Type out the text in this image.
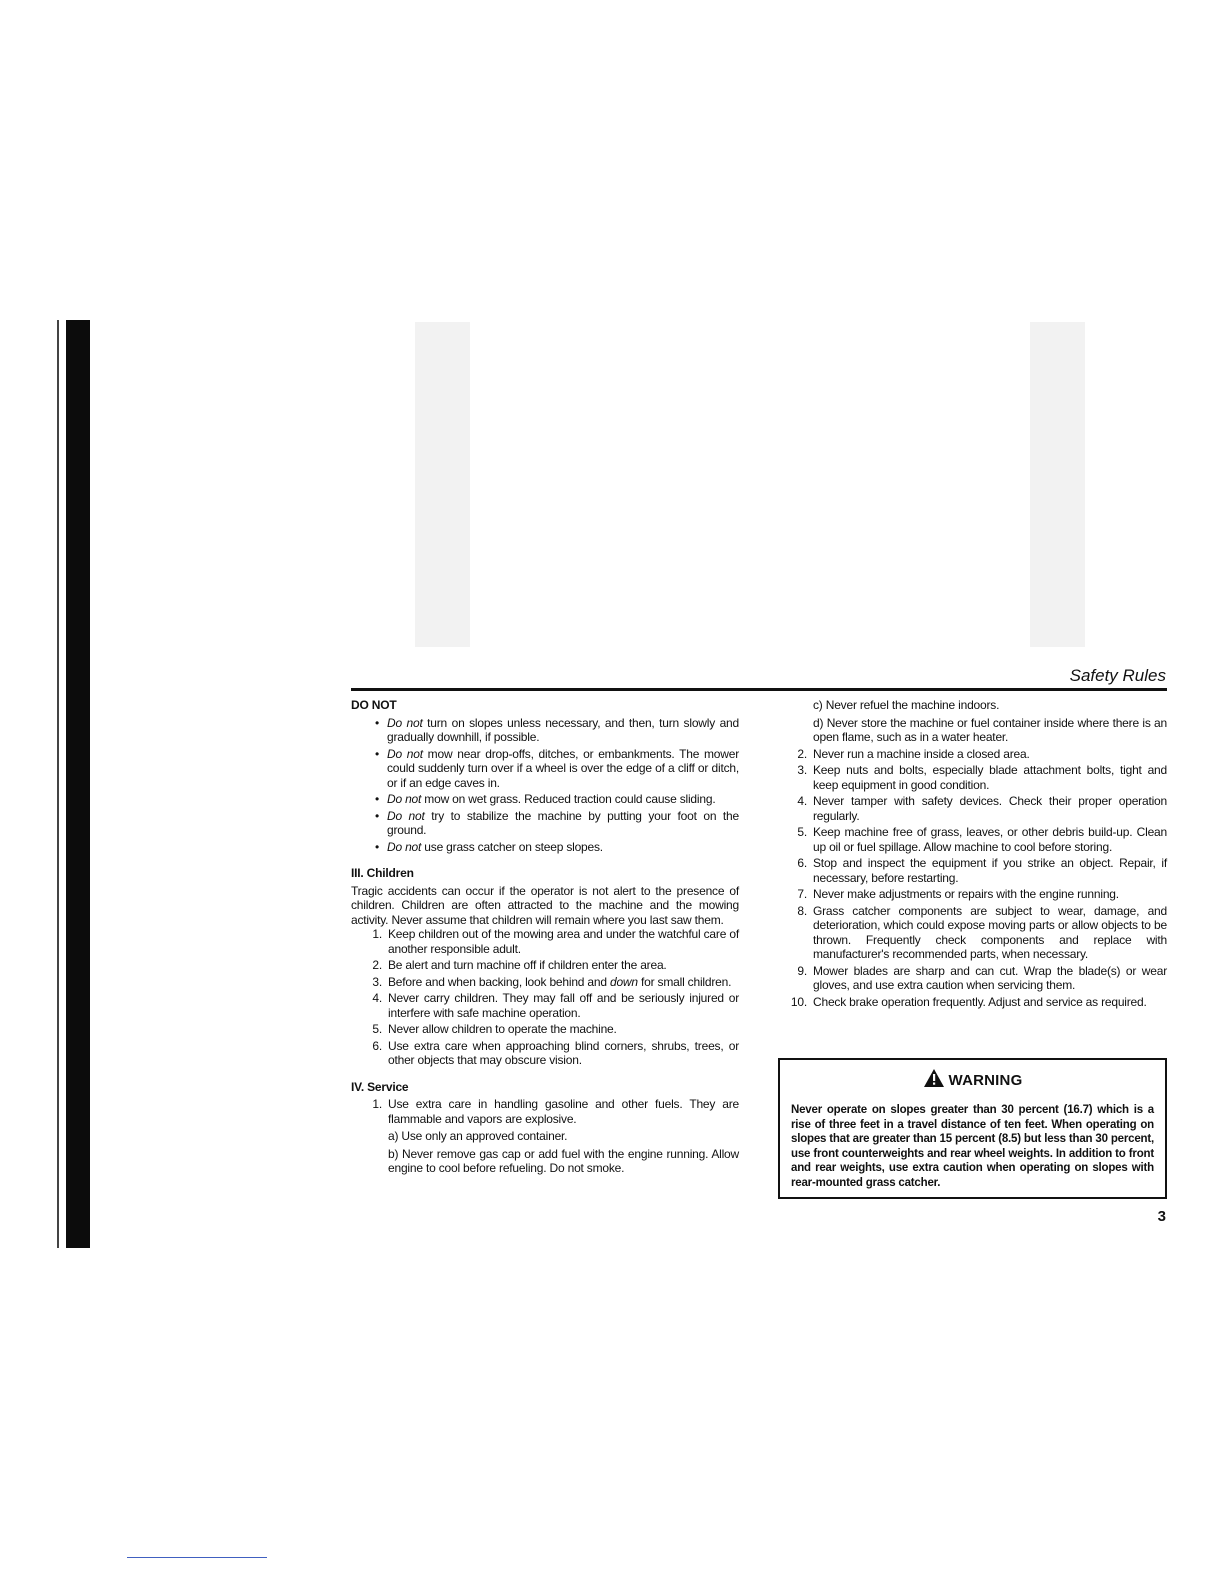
Safety Rules
DO NOT
• Do not turn on slopes unless necessary, and then, turn slowly and gradually downhill, if possible.
• Do not mow near drop-offs, ditches, or embankments. The mower could suddenly turn over if a wheel is over the edge of a cliff or ditch, or if an edge caves in.
• Do not mow on wet grass. Reduced traction could cause sliding.
• Do not try to stabilize the machine by putting your foot on the ground.
• Do not use grass catcher on steep slopes.
III. Children

Tragic accidents can occur if the operator is not alert to the presence of children. Children are often attracted to the machine and the mowing activity. Never assume that children will remain where you last saw them.

1. Keep children out of the mowing area and under the watchful care of another responsible adult.
2. Be alert and turn machine off if children enter the area.
3. Before and when backing, look behind and down for small children.
4. Never carry children. They may fall off and be seriously injured or interfere with safe machine operation.
5. Never allow children to operate the machine.
6. Use extra care when approaching blind corners, shrubs, trees, or other objects that may obscure vision.
IV. Service
1. Use extra care in handling gasoline and other fuels. They are flammable and vapors are explosive.

a) Use only an approved container.

b) Never remove gas cap or add fuel with the engine running. Allow engine to cool before refueling. Do not smoke.

c) Never refuel the machine indoors.

d) Never store the machine or fuel container inside where there is an open flame, such as in a water heater.

2. Never run a machine inside a closed area.
3. Keep nuts and bolts, especially blade attachment bolts, tight and keep equipment in good condition.
4. Never tamper with safety devices. Check their proper operation regularly.
5. Keep machine free of grass, leaves, or other debris build-up. Clean up oil or fuel spillage. Allow machine to cool before storing.
6. Stop and inspect the equipment if you strike an object. Repair, if necessary, before restarting.
7. Never make adjustments or repairs with the engine running.
8. Grass catcher components are subject to wear, damage, and deterioration, which could expose moving parts or allow objects to be thrown. Frequently check components and replace with manufacturer's recommended parts, when necessary.
9. Mower blades are sharp and can cut. Wrap the blade(s) or wear gloves, and use extra caution when servicing them.
10. Check brake operation frequently. Adjust and service as required.
WARNING
Never operate on slopes greater than 30 percent (16.7) which is a rise of three feet in a travel distance of ten feet. When operating on slopes that are greater than 15 percent (8.5) but less than 30 percent, use front counterweights and rear wheel weights. In addition to front and rear weights, use extra caution when operating on slopes with rear-mounted grass catcher.
3
